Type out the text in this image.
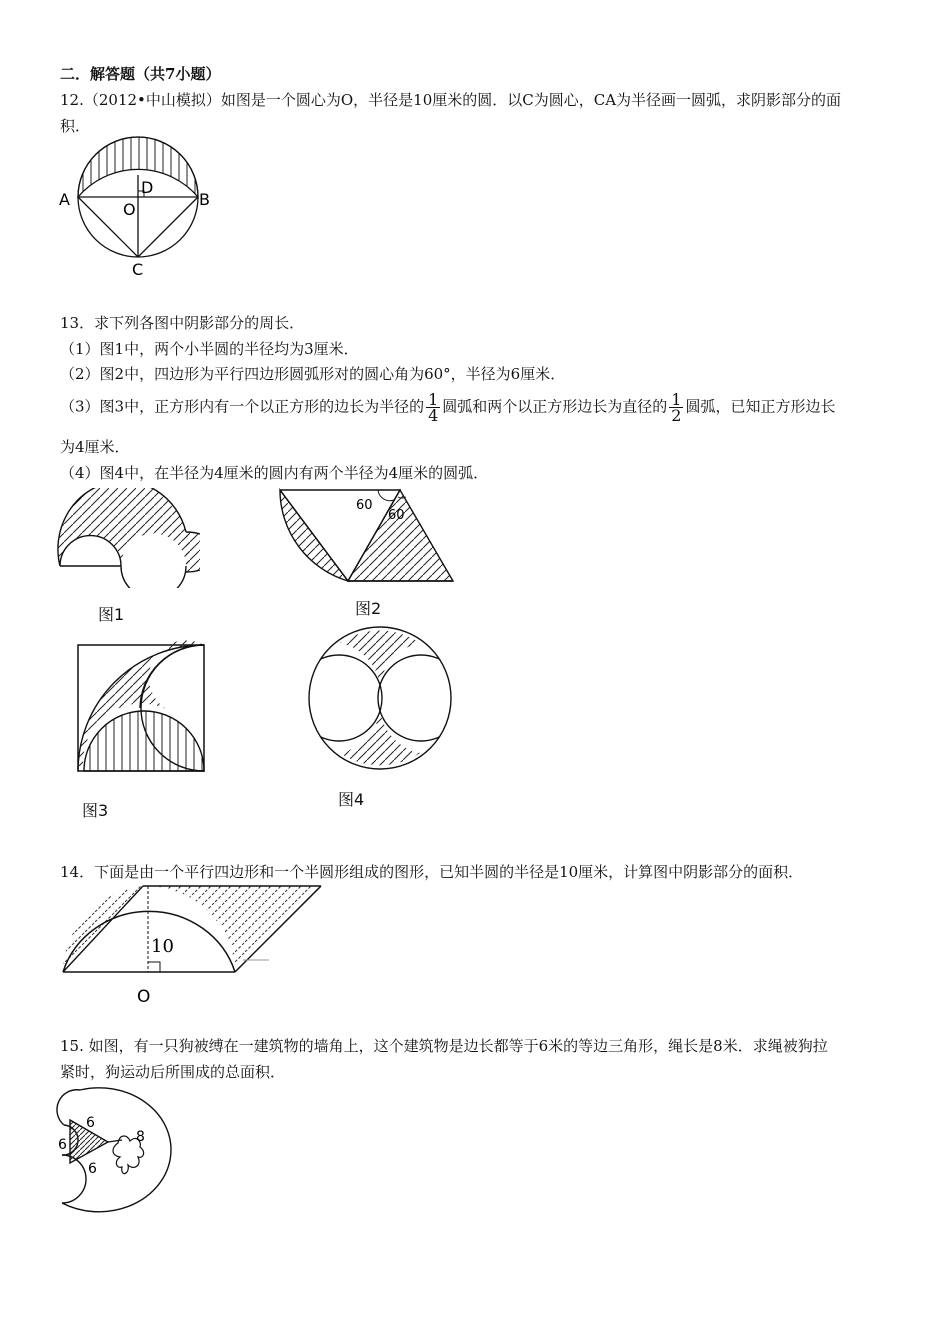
二．解答题（共7小题）
12.（2012•中山模拟）如图是一个圆心为O，半径是10厘米的圆．以C为圆心，CA为半径画一圆弧，求阴影部分的面
积．
A	B
C
D
O
13．求下列各图中阴影部分的周长．
（1）图1中，两个小半圆的半径均为3厘米．
（2）图2中，四边形为平行四边形圆弧形对的圆心角为60°，半径为6厘米．
（3）图3中，正方形内有一个以正方形的边长为半径的 $\frac{1}{4}$ 圆弧和两个以正方形边长为直径的 $\frac{1}{2}$ 圆弧，已知正方形边长
为4厘米．
（4）图4中，在半径为4厘米的圆内有两个半径为4厘米的圆弧．
图1
60
60
图2
图3
图4
14．下面是由一个平行四边形和一个半圆形组成的图形，已知半圆的半径是10厘米，计算图中阴影部分的面积．
10
O
15. 如图，有一只狗被缚在一建筑物的墙角上，这个建筑物是边长都等于6米的等边三角形，绳长是8米．求绳被狗拉
紧时，狗运动后所围成的总面积．
6
6
6
8
